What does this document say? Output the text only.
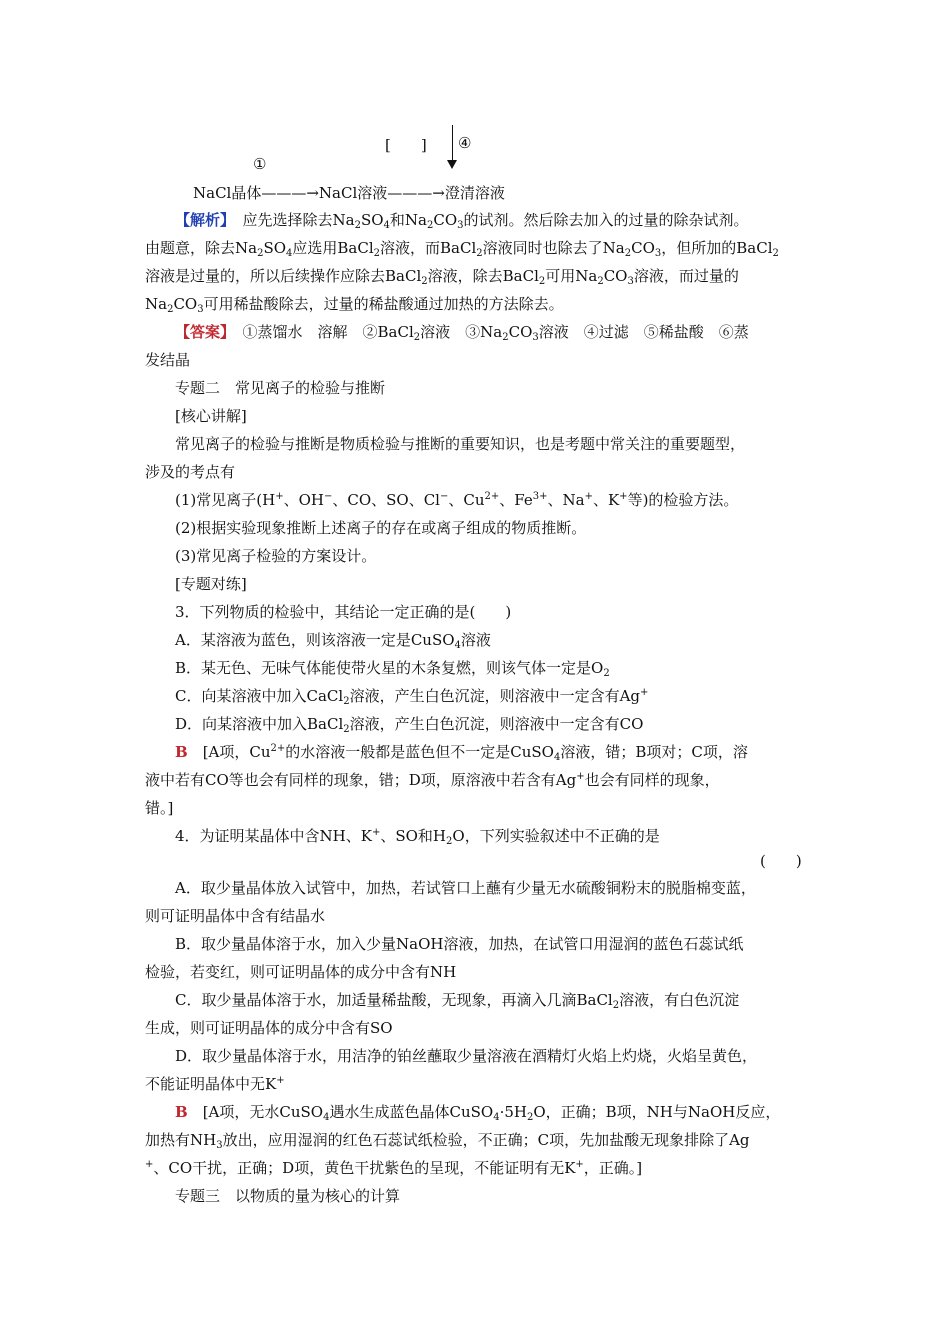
[　　] ④
①
NaCl晶体———→NaCl溶液———→澄清溶液
【解析】　应先选择除去$Na_2SO_4$和$Na_2CO_3$的试剂。然后除去加入的过量的除杂试剂。
由题意，除去$Na_2SO_4$应选用BaCl$_2$溶液，而BaCl$_2$溶液同时也除去了$Na_2CO_3$，但所加的BaCl$_2$
溶液是过量的，所以后续操作应除去BaCl$_2$溶液，除去BaCl$_2$可用$Na_2CO_3$溶液，而过量的
$Na_2CO_3$可用稀盐酸除去，过量的稀盐酸通过加热的方法除去。
【答案】　①蒸馏水　溶解　②BaCl$_2$溶液　$③Na_2CO_3$溶液　④过滤　⑤稀盐酸　⑥蒸
发结晶
专题二　常见离子的检验与推断
[核心讲解]
常见离子的检验与推断是物质检验与推断的重要知识，也是考题中常关注的重要题型，
涉及的考点有
(1)常见离子(H+、OH−、CO、SO、Cl−、$Cu^{2+}$、$Fe^{3+}$、Na+、K+等)的检验方法。
(2)根据实验现象推断上述离子的存在或离子组成的物质推断。
(3)常见离子检验的方案设计。
[专题对练]
3．下列物质的检验中，其结论一定正确的是(　　)
A．某溶液为蓝色，则该溶液一定是CuSO$_4$溶液
B．某无色、无味气体能使带火星的木条复燃，则该气体一定是$O_2$
C．向某溶液中加入CaCl$_2$溶液，产生白色沉淀，则溶液中一定含有Ag+
D．向某溶液中加入BaCl$_2$溶液，产生白色沉淀，则溶液中一定含有CO
B　[A项，$Cu^{2+}$的水溶液一般都是蓝色但不一定是CuSO$_4$溶液，错；B项对；C项，溶
液中若有CO等也会有同样的现象，错；D项，原溶液中若含有Ag+也会有同样的现象，
错。]
4．为证明某晶体中含NH、K+、SO和$H_2O$，下列实验叙述中不正确的是
(　　)
A．取少量晶体放入试管中，加热，若试管口上蘸有少量无水硫酸铜粉末的脱脂棉变蓝，
则可证明晶体中含有结晶水
B．取少量晶体溶于水，加入少量NaOH溶液，加热，在试管口用湿润的蓝色石蕊试纸
检验，若变红，则可证明晶体的成分中含有NH
C．取少量晶体溶于水，加适量稀盐酸，无现象，再滴入几滴BaCl$_2$溶液，有白色沉淀
生成，则可证明晶体的成分中含有SO
D．取少量晶体溶于水，用洁净的铂丝蘸取少量溶液在酒精灯火焰上灼烧，火焰呈黄色，
不能证明晶体中无K+
B　[A项，无水CuSO$_4$遇水生成蓝色晶体$CuSO_4\cdot 5H_2O$，正确；B项，NH与NaOH反应，
加热有$NH_3$放出，应用湿润的红色石蕊试纸检验，不正确；C项，先加盐酸无现象排除了Ag
+、CO干扰，正确；D项，黄色干扰紫色的呈现，不能证明有无K+，正确。]
专题三　以物质的量为核心的计算
